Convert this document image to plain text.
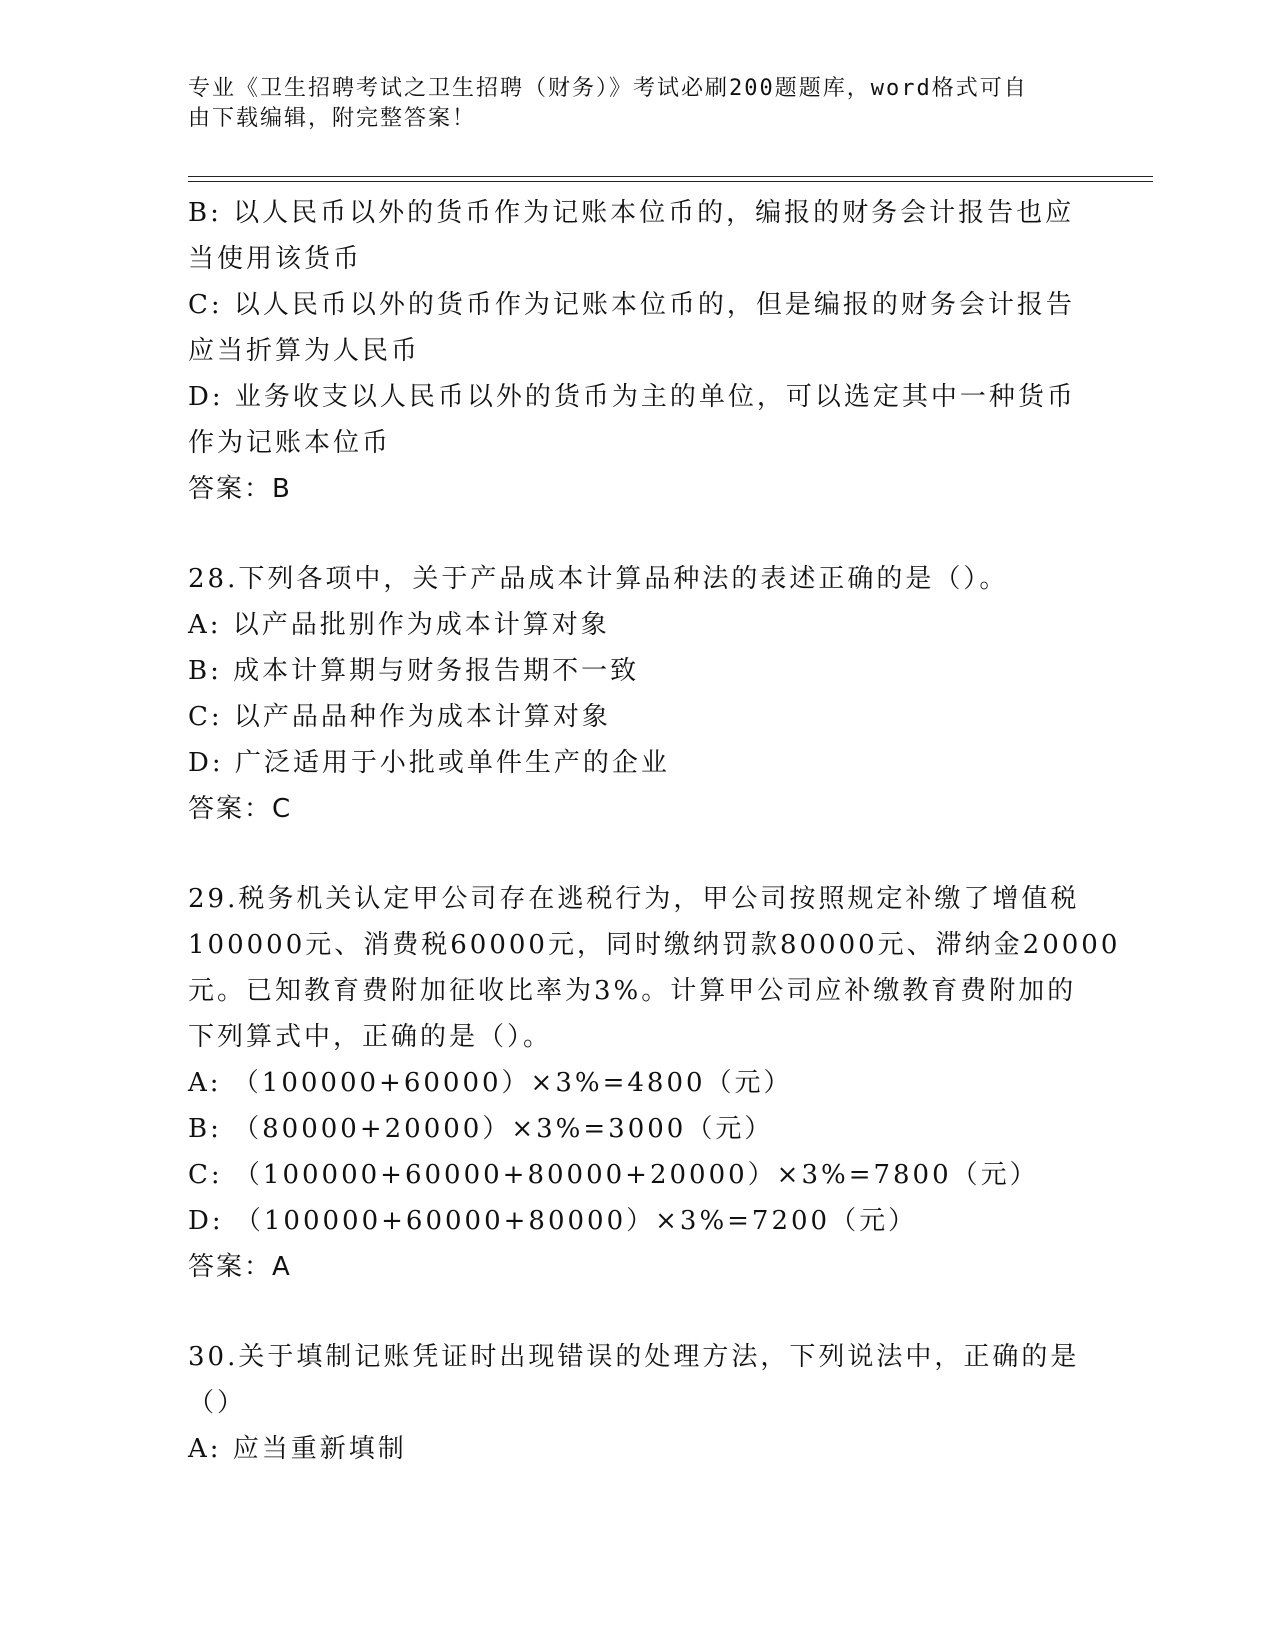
专业《卫生招聘考试之卫生招聘（财务）》考试必刷200题题库，word格式可自
由下载编辑，附完整答案！
B: 以人民币以外的货币作为记账本位币的，编报的财务会计报告也应
当使用该货币
C: 以人民币以外的货币作为记账本位币的，但是编报的财务会计报告
应当折算为人民币
D: 业务收支以人民币以外的货币为主的单位，可以选定其中一种货币
作为记账本位币
答案：B
28.下列各项中，关于产品成本计算品种法的表述正确的是（）。
A: 以产品批别作为成本计算对象
B: 成本计算期与财务报告期不一致
C: 以产品品种作为成本计算对象
D: 广泛适用于小批或单件生产的企业
答案：C
29.税务机关认定甲公司存在逃税行为，甲公司按照规定补缴了增值税
100000元、消费税60000元，同时缴纳罚款80000元、滞纳金20000
元。已知教育费附加征收比率为3%。计算甲公司应补缴教育费附加的
下列算式中，正确的是（）。
A: （100000+60000）×3%=4800（元）
B: （80000+20000）×3%=3000（元）
C: （100000+60000+80000+20000）×3%=7800（元）
D: （100000+60000+80000）×3%=7200（元）
答案：A
30.关于填制记账凭证时出现错误的处理方法，下列说法中，正确的是
（）
A: 应当重新填制
